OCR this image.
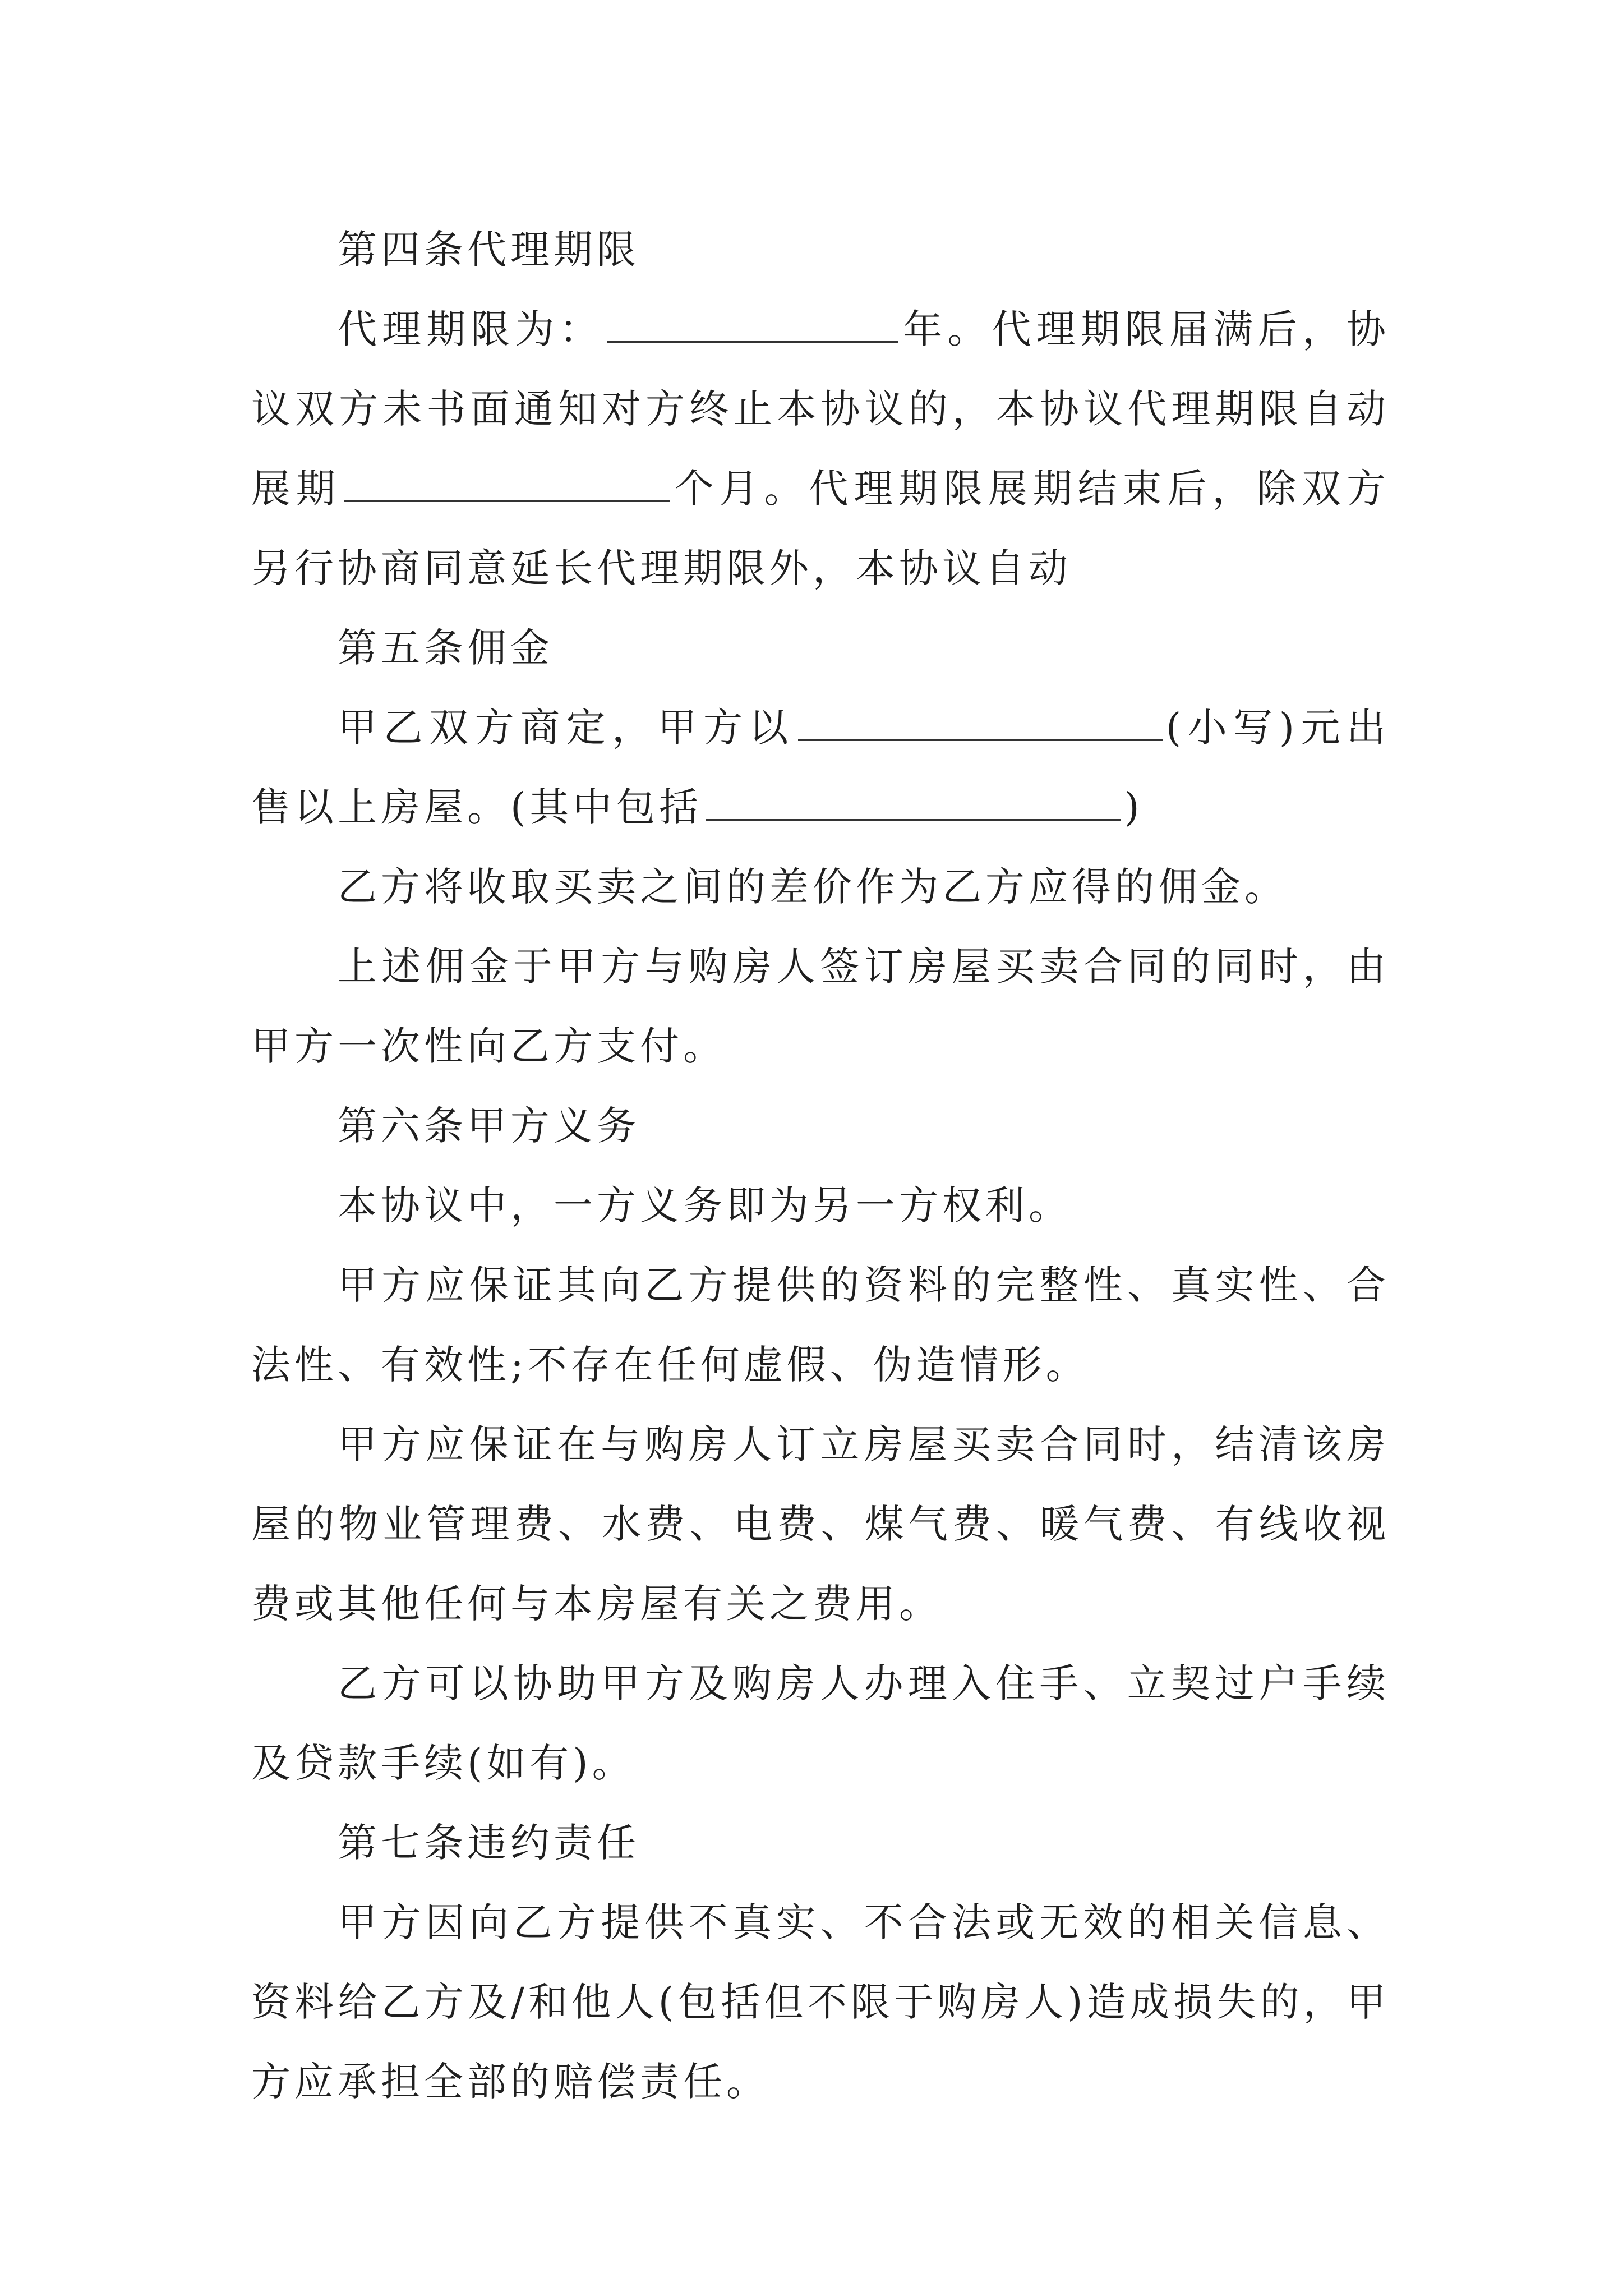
第四条代理期限

代理期限为：	年。代理期限届满后，协议双方未书面通知对方终止本协议的，本协议代理期限自动展期	个月。代理期限展期结束后，除双方另行协商同意延长代理期限外，本协议自动

第五条佣金

甲乙双方商定，甲方以	(小写)元出售以上房屋。(其中包括	)

乙方将收取买卖之间的差价作为乙方应得的佣金。

上述佣金于甲方与购房人签订房屋买卖合同的同时，由甲方一次性向乙方支付。

第六条甲方义务

本协议中，一方义务即为另一方权利。

甲方应保证其向乙方提供的资料的完整性、真实性、合法性、有效性;不存在任何虚假、伪造情形。

甲方应保证在与购房人订立房屋买卖合同时，结清该房屋的物业管理费、水费、电费、煤气费、暖气费、有线收视费或其他任何与本房屋有关之费用。

乙方可以协助甲方及购房人办理入住手、立契过户手续及贷款手续(如有)。

第七条违约责任

甲方因向乙方提供不真实、不合法或无效的相关信息、资料给乙方及/和他人(包括但不限于购房人)造成损失的，甲方应承担全部的赔偿责任。
